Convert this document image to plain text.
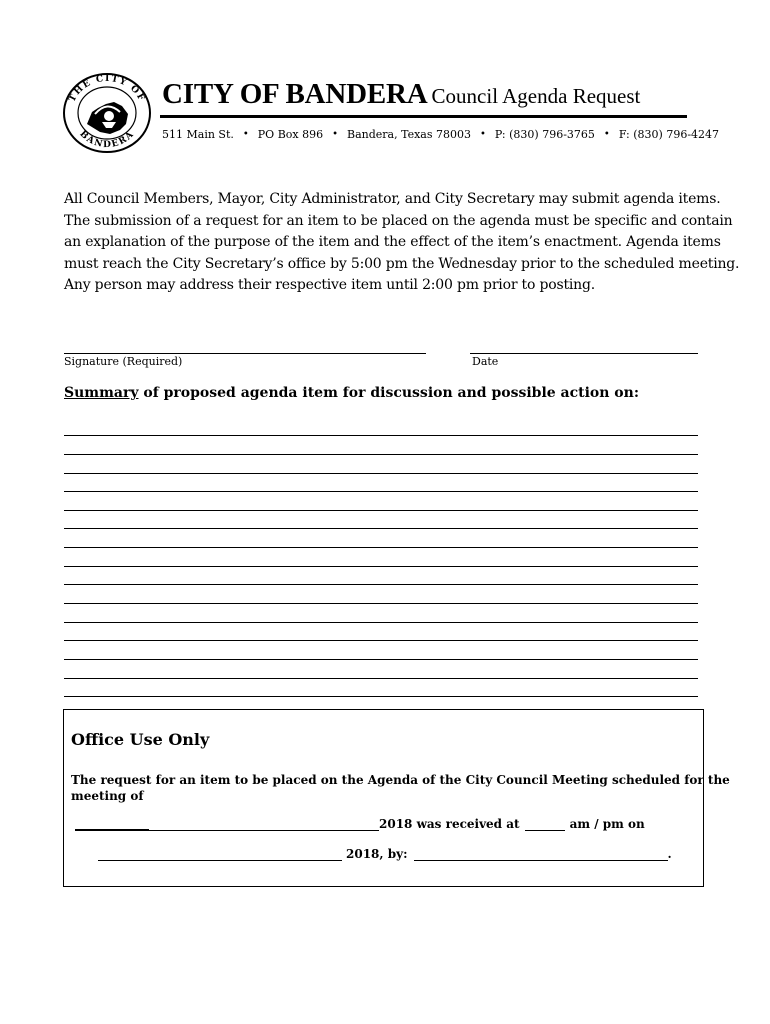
THE CITY OF
BANDERA
CITY OF BANDERA Council Agenda Request
511 Main St. • PO Box 896 • Bandera, Texas 78003 • P: (830) 796-3765 • F: (830) 796-4247

All Council Members, Mayor, City Administrator, and City Secretary may submit agenda items.

The submission of a request for an item to be placed on the agenda must be specific and contain

an explanation of the purpose of the item and the effect of the item’s enactment. Agenda items

must reach the City Secretary’s office by 5:00 pm the Wednesday prior to the scheduled meeting.

Any person may address their respective item until 2:00 pm prior to posting.

Signature (Required)	Date
Summary of proposed agenda item for discussion and possible action on:
Office Use Only
The request for an item to be placed on the Agenda of the City Council Meeting scheduled for the
meeting of
2018 was received at	am / pm on
2018, by:	.
